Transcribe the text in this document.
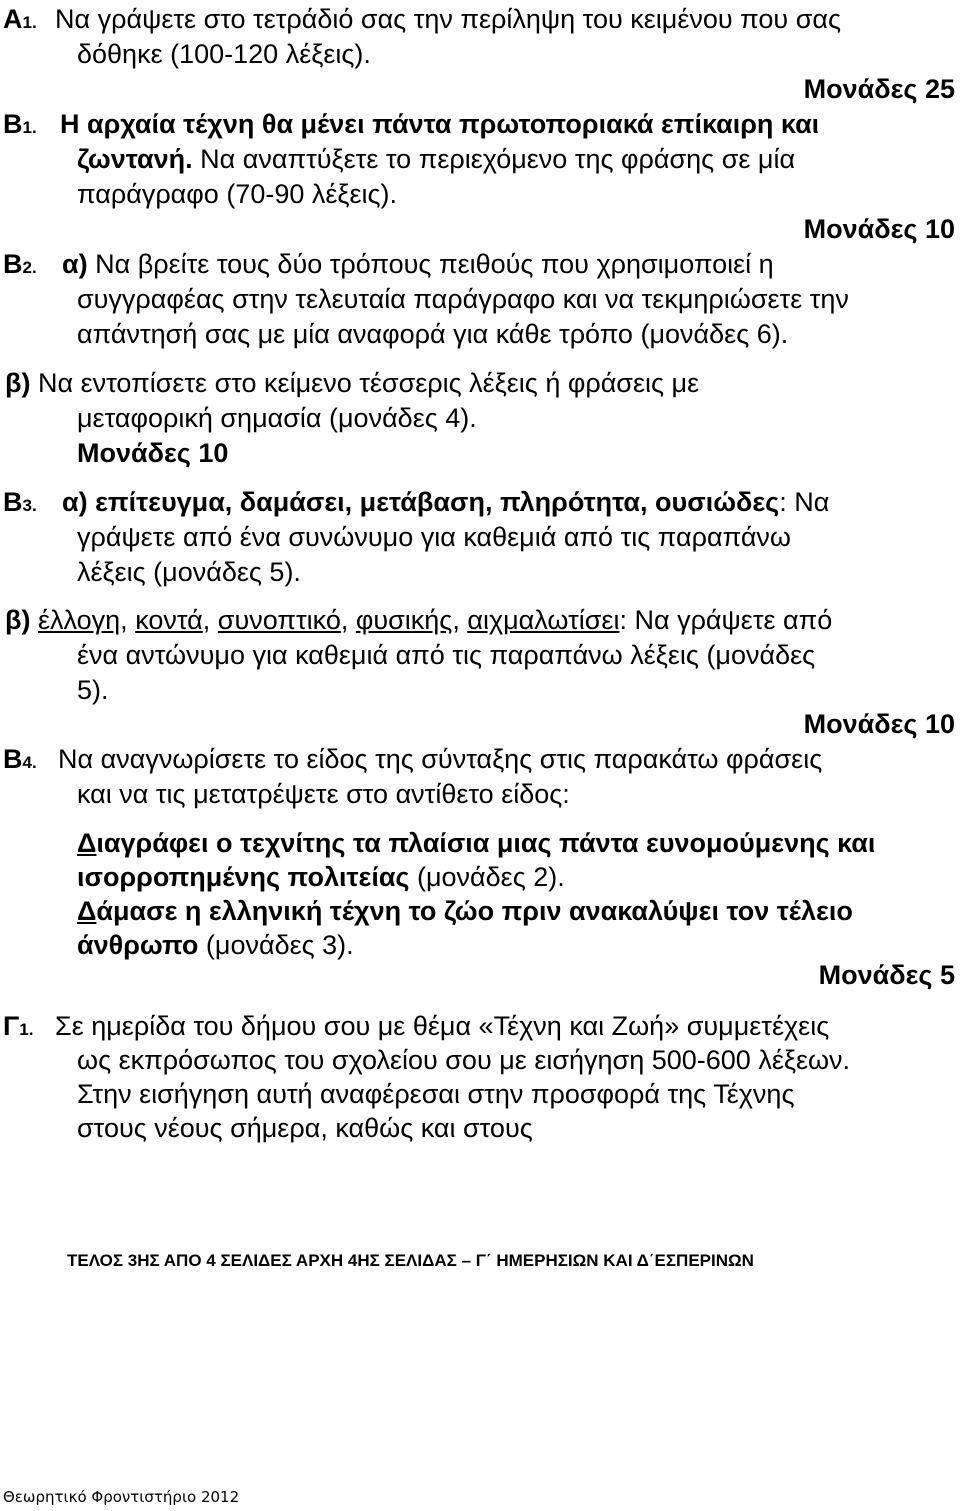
Α1. Να γράψετε στο τετράδιό σας την περίληψη του κειμένου που σας
δόθηκε (100-120 λέξεις).
Μονάδες 25
Β1. Η αρχαία τέχνη θα μένει πάντα πρωτοποριακά επίκαιρη και
ζωντανή. Να αναπτύξετε το περιεχόμενο της φράσης σε μία
παράγραφο (70-90 λέξεις).
Μονάδες 10
Β2. α) Να βρείτε τους δύο τρόπους πειθούς που χρησιμοποιεί η
συγγραφέας στην τελευταία παράγραφο και να τεκμηριώσετε την
απάντησή σας με μία αναφορά για κάθε τρόπο (μονάδες 6).
β) Να εντοπίσετε στο κείμενο τέσσερις λέξεις ή φράσεις με
μεταφορική σημασία (μονάδες 4).
Μονάδες 10
Β3. α) επίτευγμα, δαμάσει, μετάβαση, πληρότητα, ουσιώδες: Να
γράψετε από ένα συνώνυμο για καθεμιά από τις παραπάνω
λέξεις (μονάδες 5).
β) έλλογη, κοντά, συνοπτικό, φυσικής, αιχμαλωτίσει: Να γράψετε από
ένα αντώνυμο για καθεμιά από τις παραπάνω λέξεις (μονάδες
5).
Μονάδες 10
Β4. Να αναγνωρίσετε το είδος της σύνταξης στις παρακάτω φράσεις
και να τις μετατρέψετε στο αντίθετο είδος:
Διαγράφει ο τεχνίτης τα πλαίσια μιας πάντα ευνομούμενης και
ισορροπημένης πολιτείας (μονάδες 2).
Δάμασε η ελληνική τέχνη το ζώο πριν ανακαλύψει τον τέλειο
άνθρωπο (μονάδες 3).
Μονάδες 5
Γ1. Σε ημερίδα του δήμου σου με θέμα «Τέχνη και Ζωή» συμμετέχεις
ως εκπρόσωπος του σχολείου σου με εισήγηση 500-600 λέξεων.
Στην εισήγηση αυτή αναφέρεσαι στην προσφορά της Τέχνης
στους νέους σήμερα, καθώς και στους
ΤΕΛΟΣ 3ΗΣ ΑΠΟ 4 ΣΕΛΙΔΕΣ ΑΡΧΗ 4ΗΣ ΣΕΛΙΔΑΣ – Γ΄ ΗΜΕΡΗΣΙΩΝ ΚΑΙ Δ΄ΕΣΠΕΡΙΝΩΝ
Θεωρητικό Φροντιστήριο 2012
